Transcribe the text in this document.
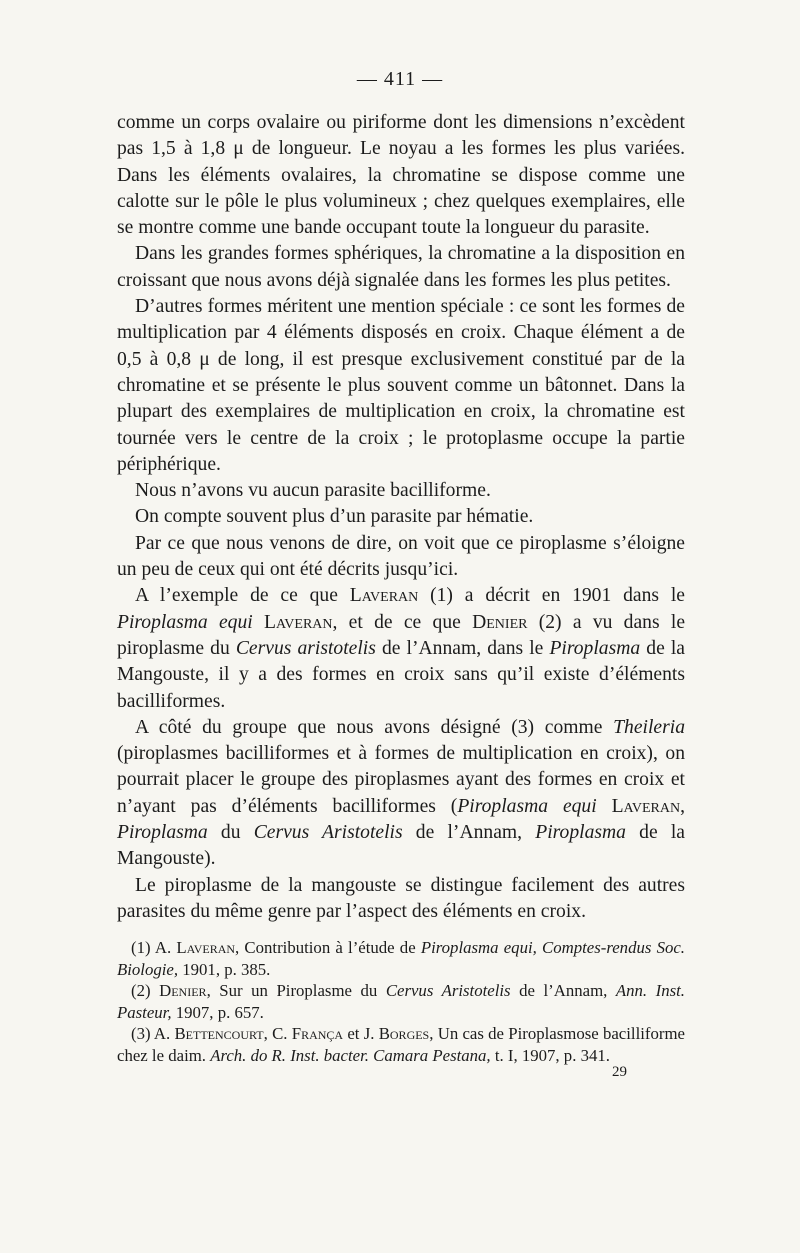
— 411 —

comme un corps ovalaire ou piriforme dont les dimensions n’excèdent pas 1,5 à 1,8 μ de longueur. Le noyau a les formes les plus variées. Dans les éléments ovalaires, la chromatine se dispose comme une calotte sur le pôle le plus volumineux ; chez quelques exemplaires, elle se montre comme une bande occupant toute la longueur du parasite.

Dans les grandes formes sphériques, la chromatine a la disposition en croissant que nous avons déjà signalée dans les formes les plus petites.

D’autres formes méritent une mention spéciale : ce sont les formes de multiplication par 4 éléments disposés en croix. Chaque élément a de 0,5 à 0,8 μ de long, il est presque exclusivement constitué par de la chromatine et se présente le plus souvent comme un bâtonnet. Dans la plupart des exemplaires de multiplication en croix, la chromatine est tournée vers le centre de la croix ; le protoplasme occupe la partie périphérique.

Nous n’avons vu aucun parasite bacilliforme.

On compte souvent plus d’un parasite par hématie.

Par ce que nous venons de dire, on voit que ce piroplasme s’éloigne un peu de ceux qui ont été décrits jusqu’ici.

A l’exemple de ce que Laveran (1) a décrit en 1901 dans le Piroplasma equi Laveran, et de ce que Denier (2) a vu dans le piroplasme du Cervus aristotelis de l’Annam, dans le Piroplasma de la Mangouste, il y a des formes en croix sans qu’il existe d’éléments bacilliformes.

A côté du groupe que nous avons désigné (3) comme Theileria (piroplasmes bacilliformes et à formes de multiplication en croix), on pourrait placer le groupe des piroplasmes ayant des formes en croix et n’ayant pas d’éléments bacilliformes (Piroplasma equi Laveran, Piroplasma du Cervus Aristotelis de l’Annam, Piroplasma de la Mangouste).

Le piroplasme de la mangouste se distingue facilement des autres parasites du même genre par l’aspect des éléments en croix.

(1) A. Laveran, Contribution à l’étude de Piroplasma equi, Comptes-rendus Soc. Biologie, 1901, p. 385.

(2) Denier, Sur un Piroplasme du Cervus Aristotelis de l’Annam, Ann. Inst. Pasteur, 1907, p. 657.

(3) A. Bettencourt, C. França et J. Borges, Un cas de Piroplasmose bacilliforme chez le daim. Arch. do R. Inst. bacter. Camara Pestana, t. I, 1907, p. 341.

29
